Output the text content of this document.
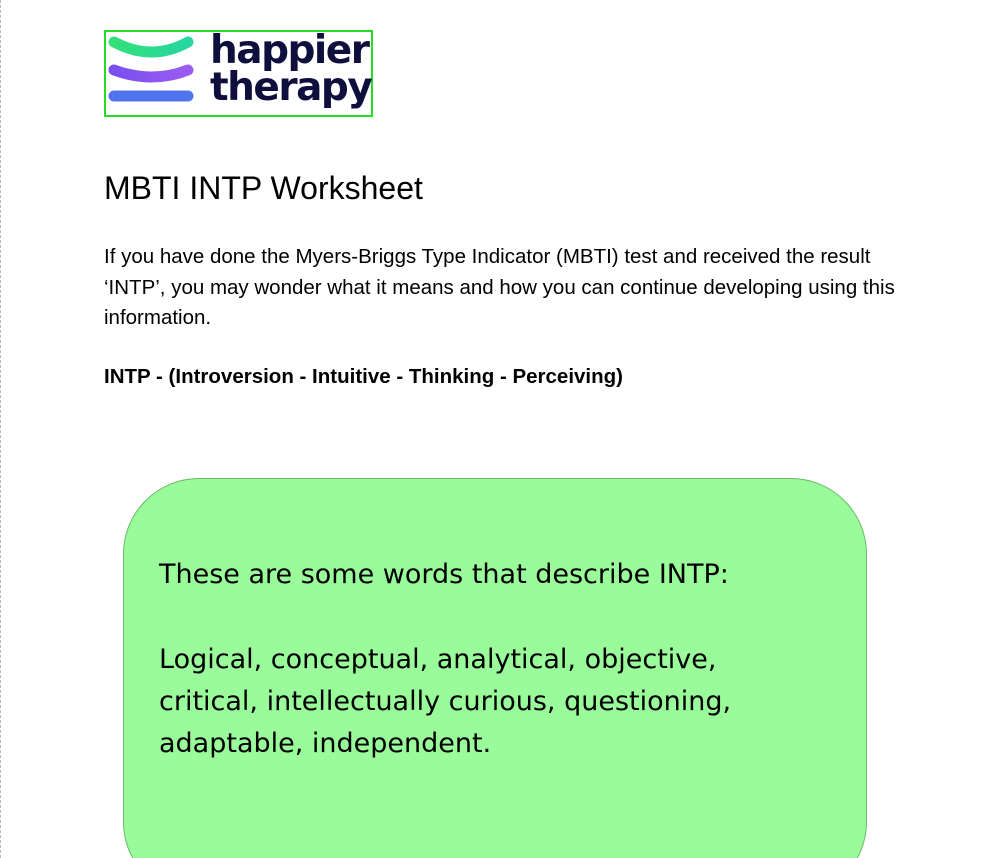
happier
therapy
MBTI INTP Worksheet

If you have done the Myers-Briggs Type Indicator (MBTI) test and received the result ‘INTP’, you may wonder what it means and how you can continue developing using this information.

INTP - (Introversion - Intuitive - Thinking - Perceiving)

These are some words that describe INTP:

Logical, conceptual, analytical, objective, critical, intellectually curious, questioning, adaptable, independent.
